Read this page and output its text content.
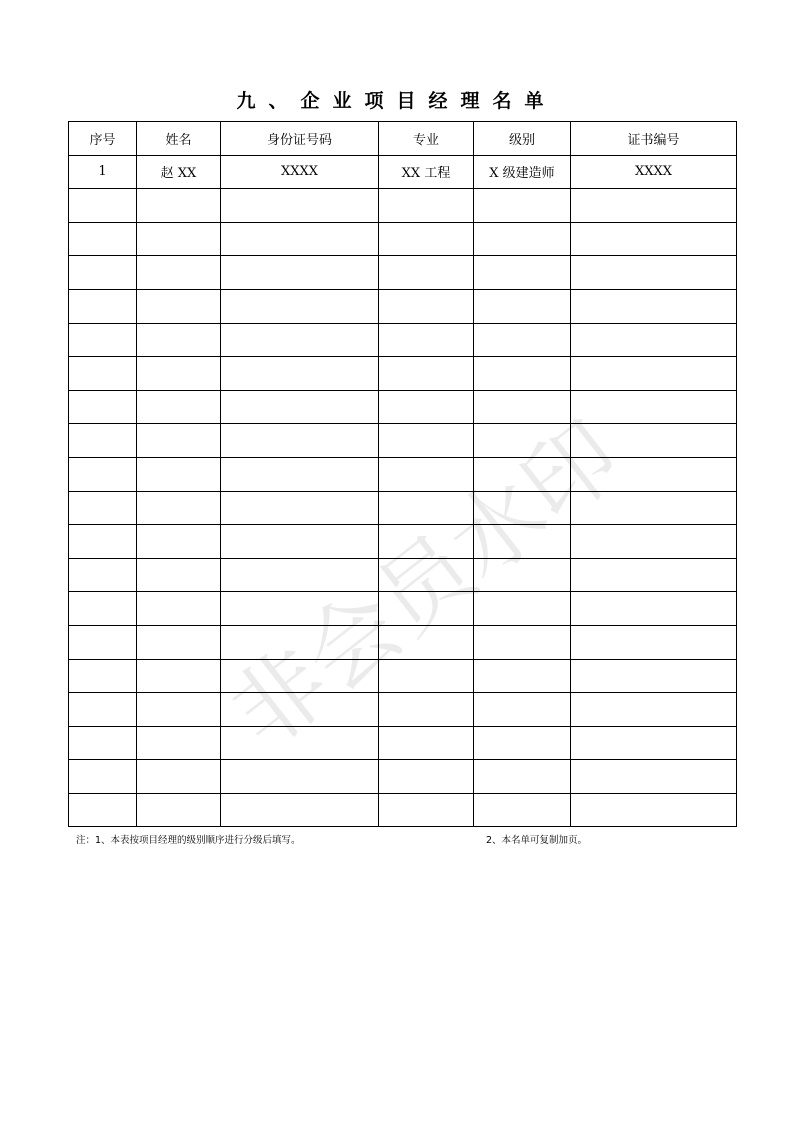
九、企业项目经理名单
序号	姓名	身份证号码	专业	级别	证书编号
1	赵 XX	XXXX	XX 工程	X 级建造师	XXXX

注：1、本表按项目经理的级别顺序进行分级后填写。	2、本名单可复制加页。
非会员水印
